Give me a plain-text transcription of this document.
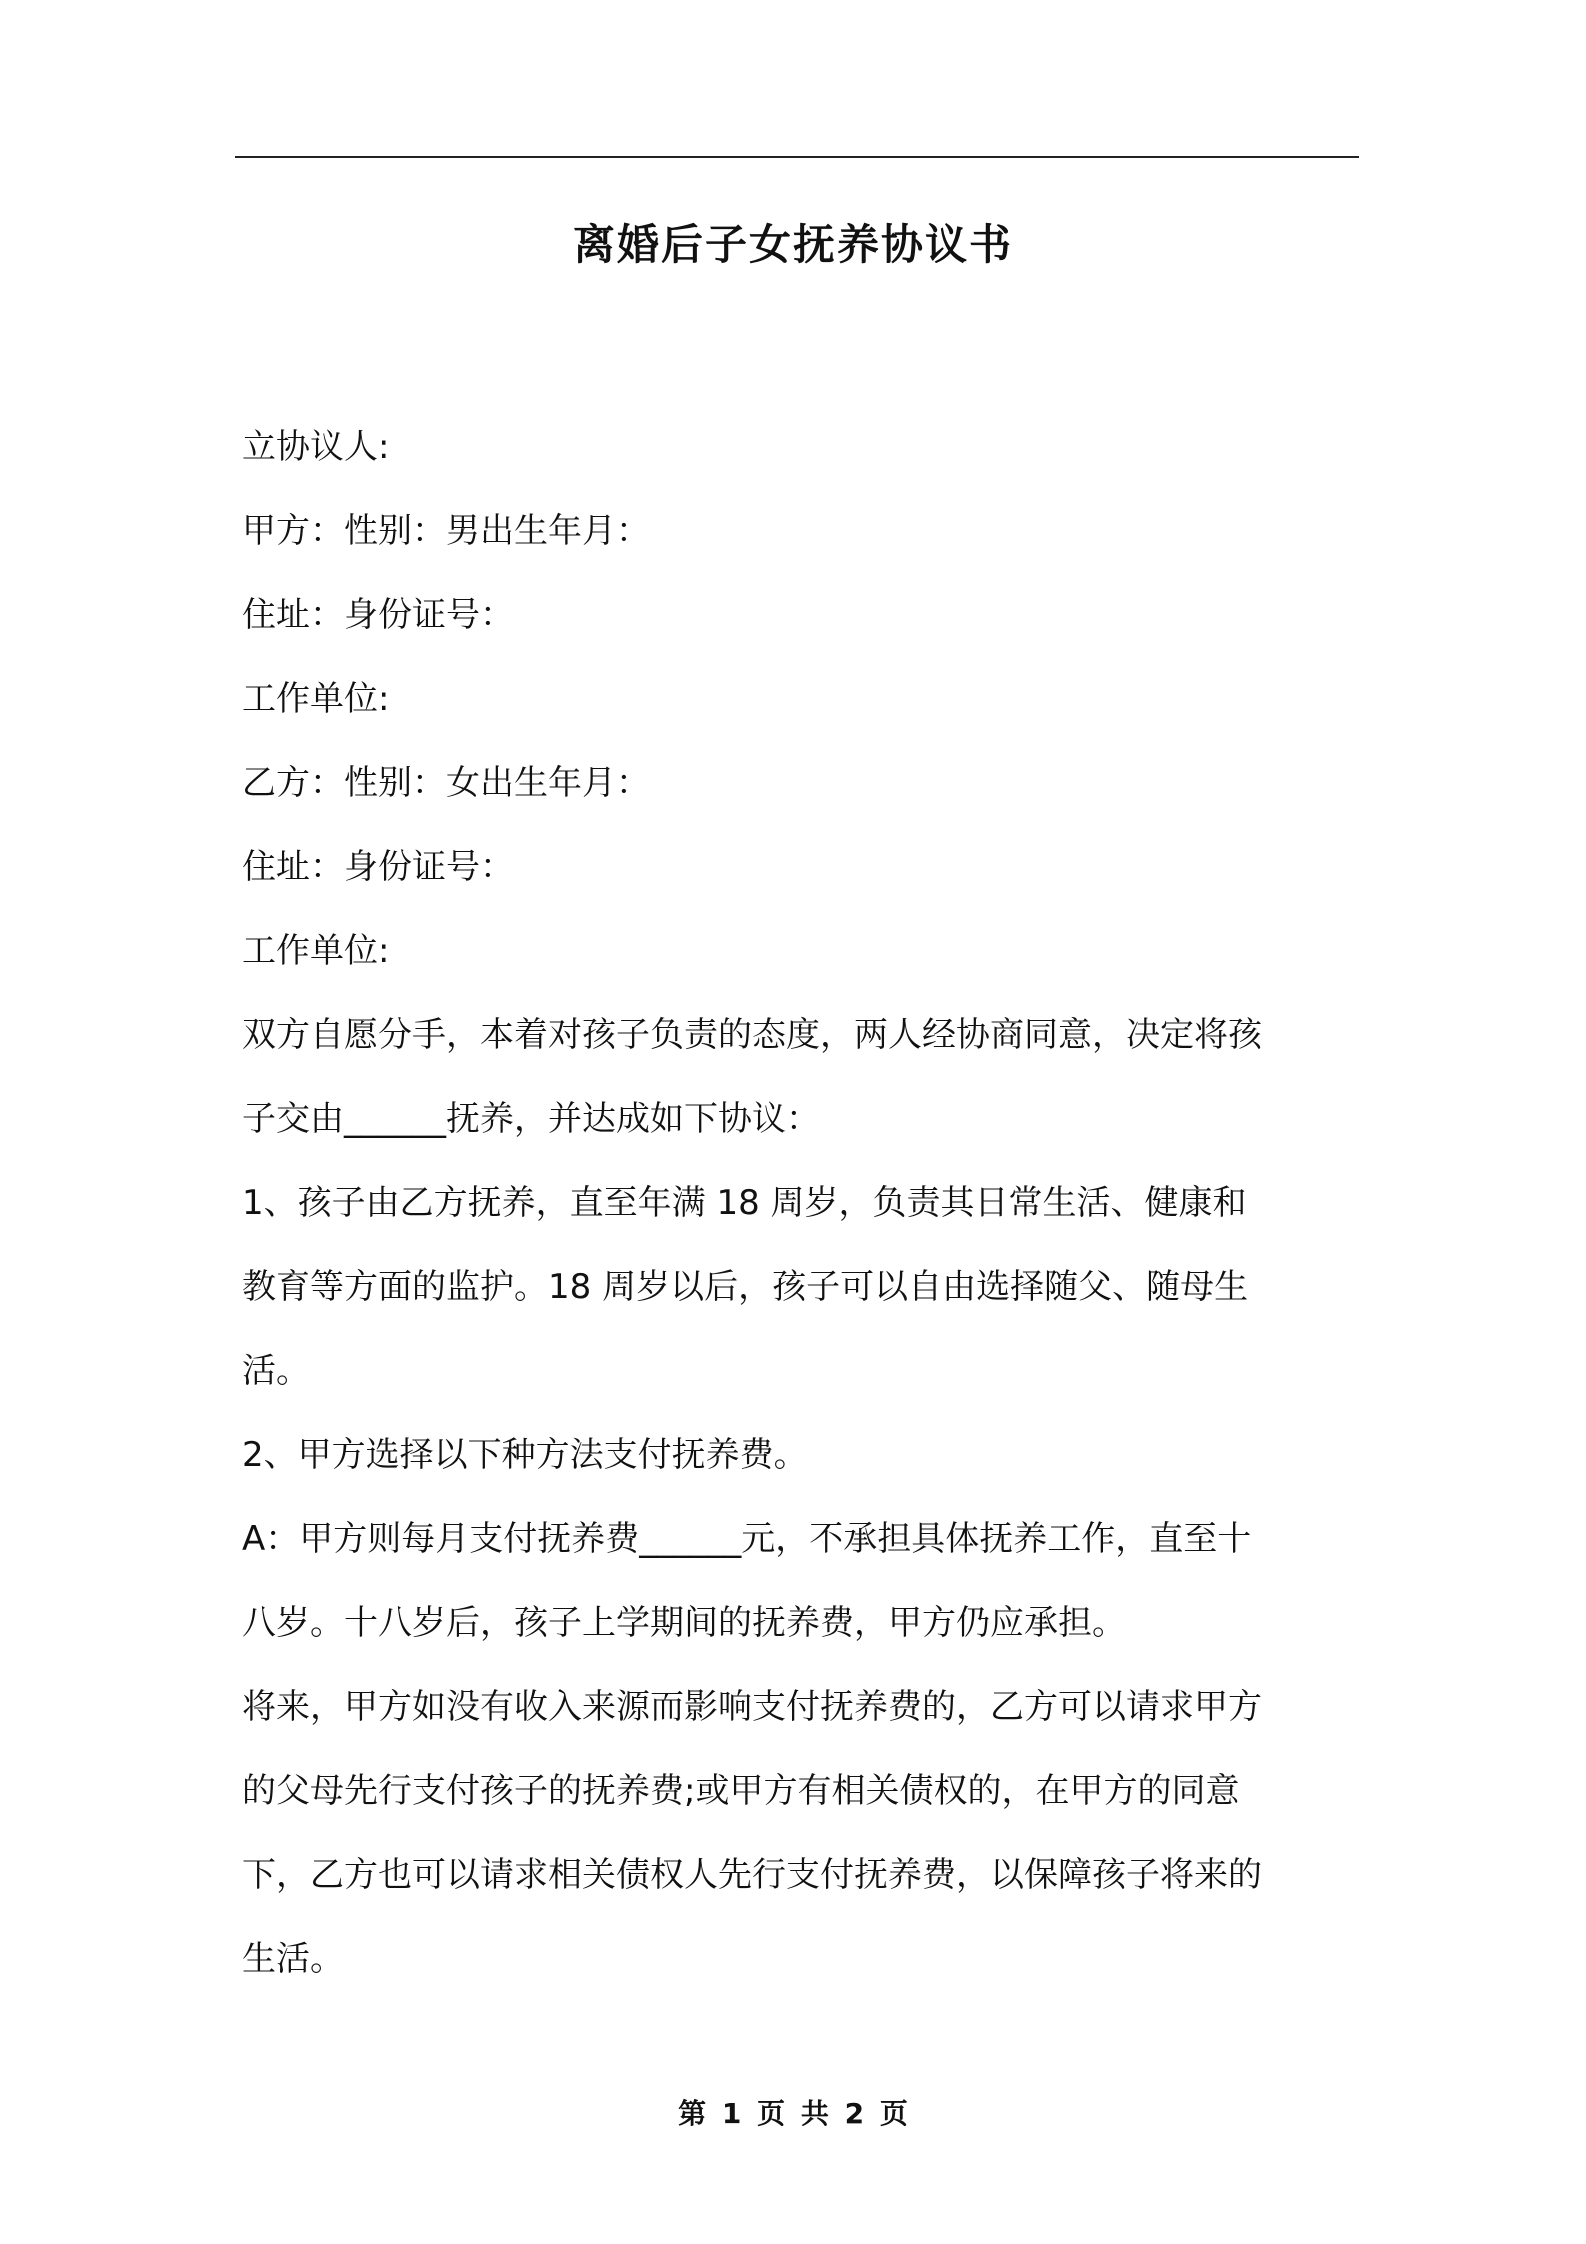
离婚后子女抚养协议书

立协议人:

甲方：性别：男出生年月：

住址：身份证号：

工作单位:

乙方：性别：女出生年月：

住址：身份证号：

工作单位:

双方自愿分手，本着对孩子负责的态度，两人经协商同意，决定将孩

子交由______抚养，并达成如下协议：

1、孩子由乙方抚养，直至年满 18 周岁，负责其日常生活、健康和

教育等方面的监护。18 周岁以后，孩子可以自由选择随父、随母生

活。

2、甲方选择以下种方法支付抚养费。

A：甲方则每月支付抚养费______元，不承担具体抚养工作，直至十

八岁。十八岁后，孩子上学期间的抚养费，甲方仍应承担。

将来，甲方如没有收入来源而影响支付抚养费的，乙方可以请求甲方

的父母先行支付孩子的抚养费;或甲方有相关债权的，在甲方的同意

下，乙方也可以请求相关债权人先行支付抚养费，以保障孩子将来的

生活。

第 1 页 共 2 页
